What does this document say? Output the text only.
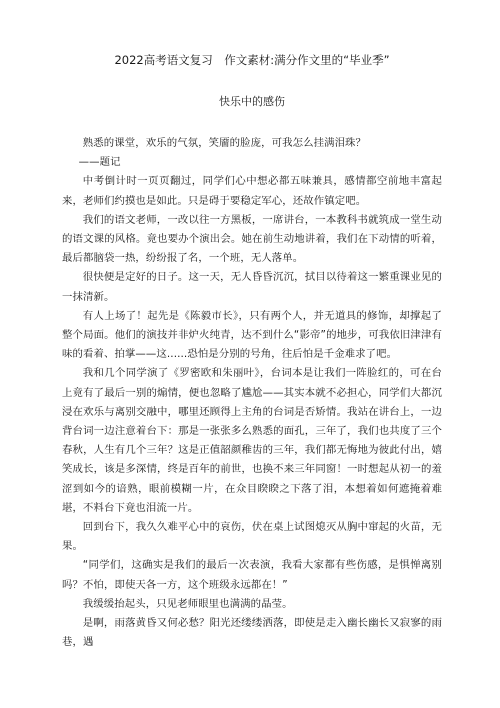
2022高考语文复习　作文素材:满分作文里的“毕业季”
快乐中的感伤

熟悉的课堂，欢乐的气氛，笑靥的脸庞，可我怎么挂满泪珠？

——题记

中考倒计时一页页翻过，同学们心中想必都五味兼具，感情都空前地丰富起来，老师们约摸也是如此。只是碍于要稳定军心，还故作镇定吧。

我们的语文老师，一改以往一方黑板，一席讲台，一本教科书就筑成一堂生动的语文课的风格。竟也要办个演出会。她在前生动地讲着，我们在下动情的听着，最后都脑袋一热，纷纷报了名，一个班，无人落单。

很快便是定好的日子。这一天，无人昏昏沉沉，拭目以待着这一繁重课业见的一抹清新。

有人上场了！起先是《陈毅市长》，只有两个人，并无道具的修饰，却撑起了整个局面。他们的演技并非炉火纯青，达不到什么“影帝”的地步，可我依旧津津有味的看着、拍掌——这......恐怕是分别的号角，往后怕是千金难求了吧。

我和几个同学演了《罗密欧和朱丽叶》，台词本是让我们一阵脸红的，可在台上竟有了最后一别的煽情，便也忽略了尴尬——其实本就不必担心，同学们大都沉浸在欢乐与离别交融中，哪里还顾得上主角的台词是否矫情。我站在讲台上，一边背台词一边注意着台下：那是一张张多么熟悉的面孔，三年了，我们也共度了三个春秋，人生有几个三年？这是正值韶颜稚齿的三年，我们都无悔地为彼此付出，嬉笑成长，该是多深情，终是百年的前世，也换不来三年同窗！一时想起从初一的羞涩到如今的谙熟，眼前模糊一片，在众目睽睽之下落了泪，本想着如何遮掩着难堪，不料台下竟也泪流一片。

回到台下，我久久难平心中的哀伤，伏在桌上试图熄灭从胸中窜起的火苗，无果。

“同学们，这确实是我们的最后一次表演，我看大家都有些伤感，是惧惮离别吗？不怕，即使天各一方，这个班级永远都在！”

我缓缓抬起头，只见老师眼里也满满的晶莹。

是啊，雨落黄昏又何必愁？阳光还缕缕洒落，即使是走入幽长幽长又寂寥的雨巷，遇
